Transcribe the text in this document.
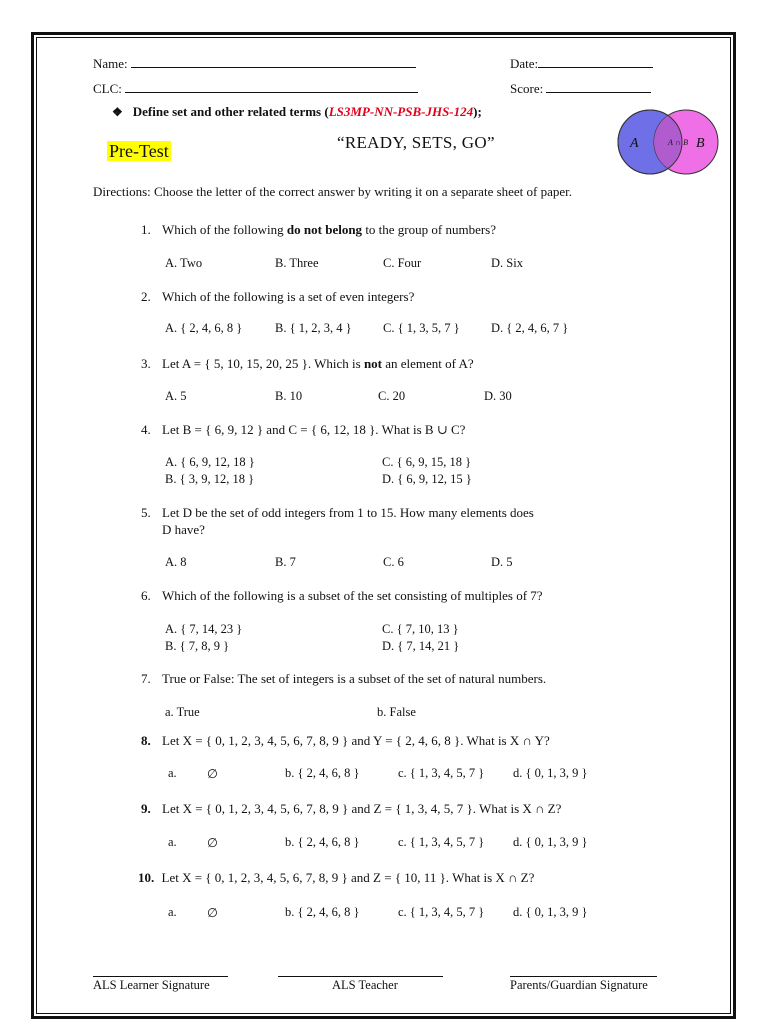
Name:	Date:
CLC:	Score:
❖ Define set and other related terms (LS3MP-NN-PSB-JHS-124);
Pre-Test	“READY, SETS, GO”	A	A∩B B
Directions: Choose the letter of the correct answer by writing it on a separate sheet of paper.
1. Which of the following do not belong to the group of numbers?
A. Two	B. Three	C. Four	D. Six
2. Which of the following is a set of even integers?
A. { 2, 4, 6, 8 }	B. { 1, 2, 3, 4 }	C. { 1, 3, 5, 7 }	D. { 2, 4, 6, 7 }
3. Let A = { 5, 10, 15, 20, 25 }. Which is not an element of A?
A. 5	B. 10	C. 20	D. 30
4. Let B = { 6, 9, 12 } and C = { 6, 12, 18 }. What is B ∪ C?
A. { 6, 9, 12, 18 }	C. { 6, 9, 15, 18 }
B. { 3, 9, 12, 18 }	D. { 6, 9, 12, 15 }
5. Let D be the set of odd integers from 1 to 15. How many elements does
D have?
A. 8	B. 7	C. 6	D. 5
6. Which of the following is a subset of the set consisting of multiples of 7?
A. { 7, 14, 23 }	C. { 7, 10, 13 }
B. { 7, 8, 9 }	D. { 7, 14, 21 }
7. True or False: The set of integers is a subset of the set of natural numbers.
a. True	b. False
8. Let X = { 0, 1, 2, 3, 4, 5, 6, 7, 8, 9 } and Y = { 2, 4, 6, 8 }. What is X ∩ Y?
a. ∅	b. { 2, 4, 6, 8 }	c. { 1, 3, 4, 5, 7 } d. { 0, 1, 3, 9 }
9. Let X = { 0, 1, 2, 3, 4, 5, 6, 7, 8, 9 } and Z = { 1, 3, 4, 5, 7 }. What is X ∩ Z?
a. ∅	b. { 2, 4, 6, 8 }	c. { 1, 3, 4, 5, 7 } d. { 0, 1, 3, 9 }
10. Let X = { 0, 1, 2, 3, 4, 5, 6, 7, 8, 9 } and Z = { 10, 11 }. What is X ∩ Z?
a. ∅	b. { 2, 4, 6, 8 }	c. { 1, 3, 4, 5, 7 } d. { 0, 1, 3, 9 }
ALS Learner Signature	ALS Teacher	Parents/Guardian Signature
